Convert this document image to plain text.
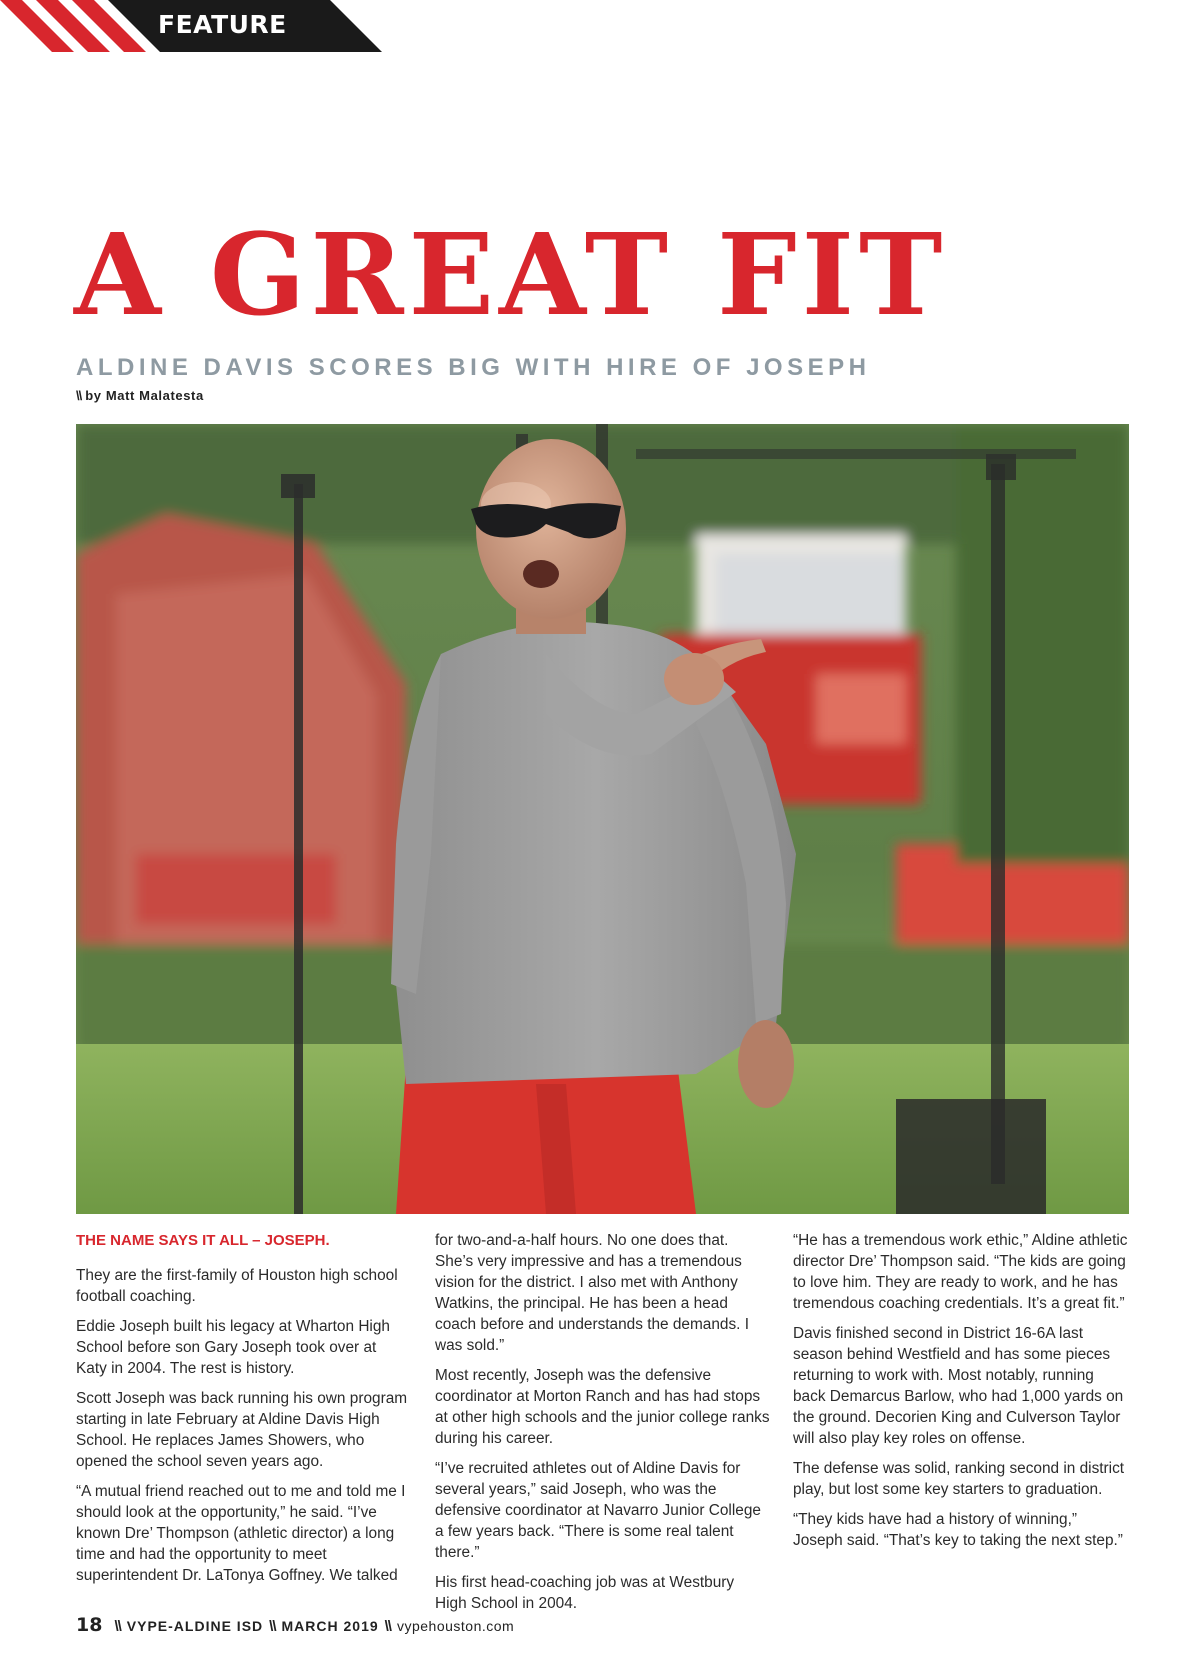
FEATURE
A GREAT FIT
ALDINE DAVIS SCORES BIG WITH HIRE OF JOSEPH
\\ by Matt Malatesta

THE NAME SAYS IT ALL – JOSEPH.

They are the first-family of Houston high school football coaching.

Eddie Joseph built his legacy at Wharton High School before son Gary Joseph took over at Katy in 2004. The rest is history.

Scott Joseph was back running his own program starting in late February at Aldine Davis High School. He replaces James Showers, who opened the school seven years ago.

“A mutual friend reached out to me and told me I should look at the opportunity,” he said. “I’ve known Dre’ Thompson (athletic director) a long time and had the opportunity to meet superintendent Dr. LaTonya Goffney. We talked

for two-and-a-half hours. No one does that. She’s very impressive and has a tremendous vision for the district. I also met with Anthony Watkins, the principal. He has been a head coach before and understands the demands. I was sold.”

Most recently, Joseph was the defensive coordinator at Morton Ranch and has had stops at other high schools and the junior college ranks during his career.

“I’ve recruited athletes out of Aldine Davis for several years,” said Joseph, who was the defensive coordinator at Navarro Junior College a few years back. “There is some real talent there.”

His first head-coaching job was at Westbury High School in 2004.

“He has a tremendous work ethic,” Aldine athletic director Dre’ Thompson said. “The kids are going to love him. They are ready to work, and he has tremendous coaching credentials. It’s a great fit.”

Davis finished second in District 16-6A last season behind Westfield and has some pieces returning to work with. Most notably, running back Demarcus Barlow, who had 1,000 yards on the ground. Decorien King and Culverson Taylor will also play key roles on offense.

The defense was solid, ranking second in district play, but lost some key starters to graduation.

“They kids have had a history of winning,” Joseph said. “That’s key to taking the next step.”

18 \\ VYPE-ALDINE ISD \\ MARCH 2019 \\ vypehouston.com
